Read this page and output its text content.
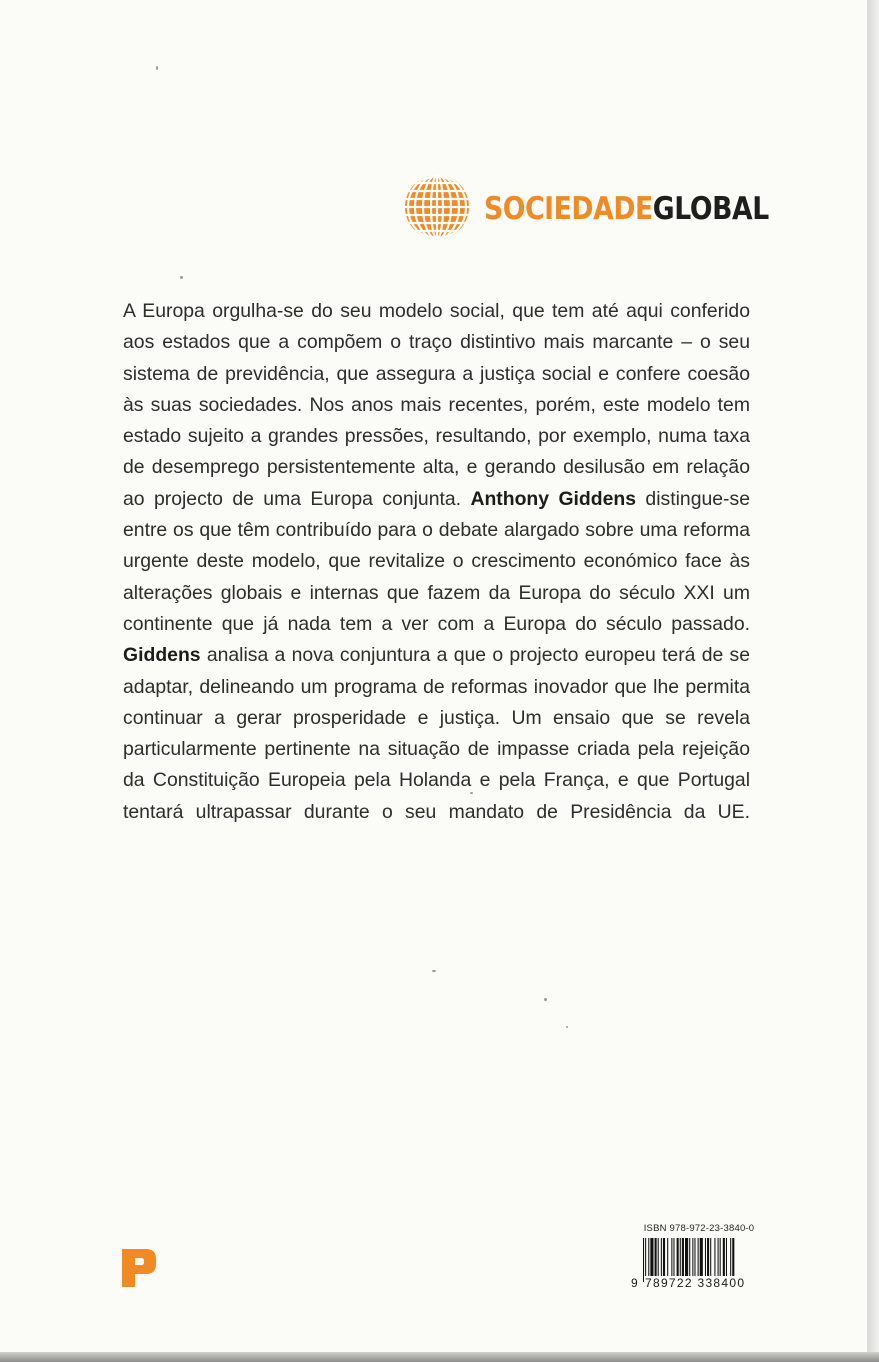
SOCIEDADEGLOBAL
A Europa orgulha-se do seu modelo social, que tem até aqui conferido
aos estados que a compõem o traço distintivo mais marcante – o seu
sistema de previdência, que assegura a justiça social e confere coesão
às suas sociedades. Nos anos mais recentes, porém, este modelo tem
estado sujeito a grandes pressões, resultando, por exemplo, numa taxa
de desemprego persistentemente alta, e gerando desilusão em relação
ao projecto de uma Europa conjunta. Anthony Giddens distingue-se
entre os que têm contribuído para o debate alargado sobre uma reforma
urgente deste modelo, que revitalize o crescimento económico face às
alterações globais e internas que fazem da Europa do século XXI um
continente que já nada tem a ver com a Europa do século passado.
Giddens analisa a nova conjuntura a que o projecto europeu terá de se
adaptar, delineando um programa de reformas inovador que lhe permita
continuar a gerar prosperidade e justiça. Um ensaio que se revela
particularmente pertinente na situação de impasse criada pela rejeição
da Constituição Europeia pela Holanda e pela França, e que Portugal
tentará ultrapassar durante o seu mandato de Presidência da UE.
ISBN 978-972-23-3840-0
9 789722 338400
